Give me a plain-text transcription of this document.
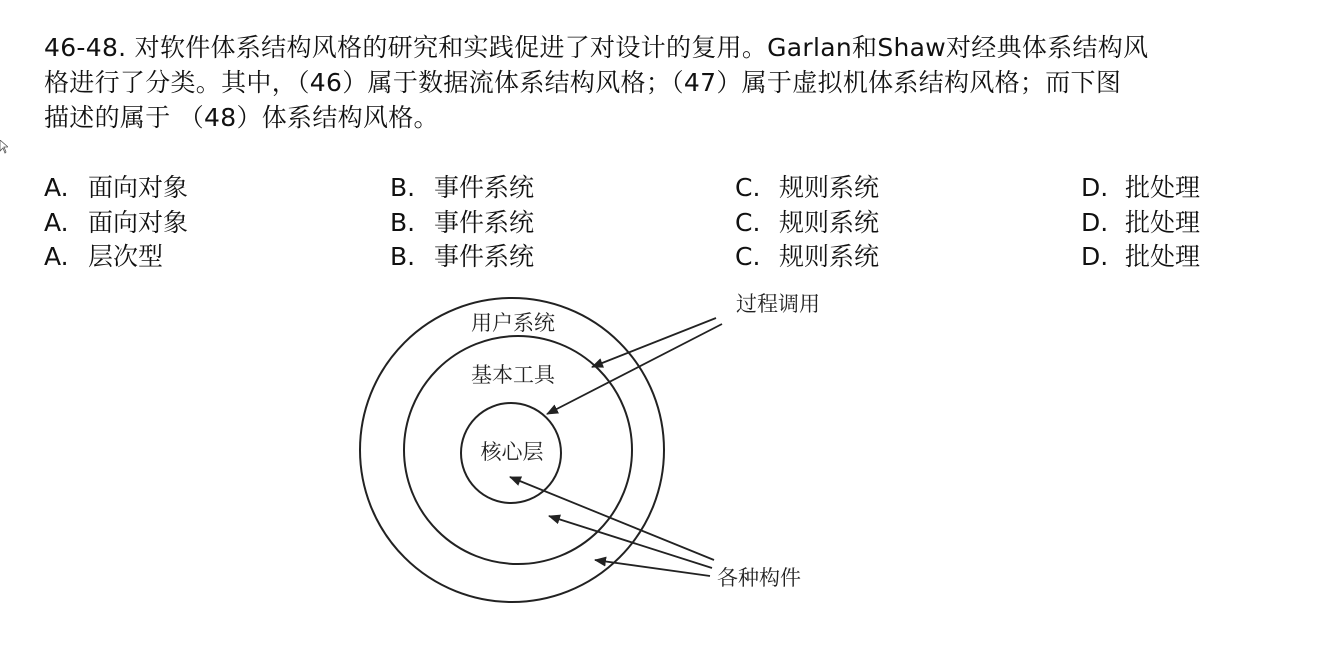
46-48. 对软件体系结构风格的研究和实践促进了对设计的复用。Garlan和Shaw对经典体系结构风

格进行了分类。其中，（46）属于数据流体系结构风格；（47）属于虚拟机体系结构风格；而下图

描述的属于 （48）体系结构风格。

A. 面向对象	B. 事件系统	C. 规则系统	D. 批处理
A. 面向对象	B. 事件系统	C. 规则系统	D. 批处理
A. 层次型	B. 事件系统	C. 规则系统	D. 批处理
用户系统
基本工具
核心层
过程调用
各种构件
